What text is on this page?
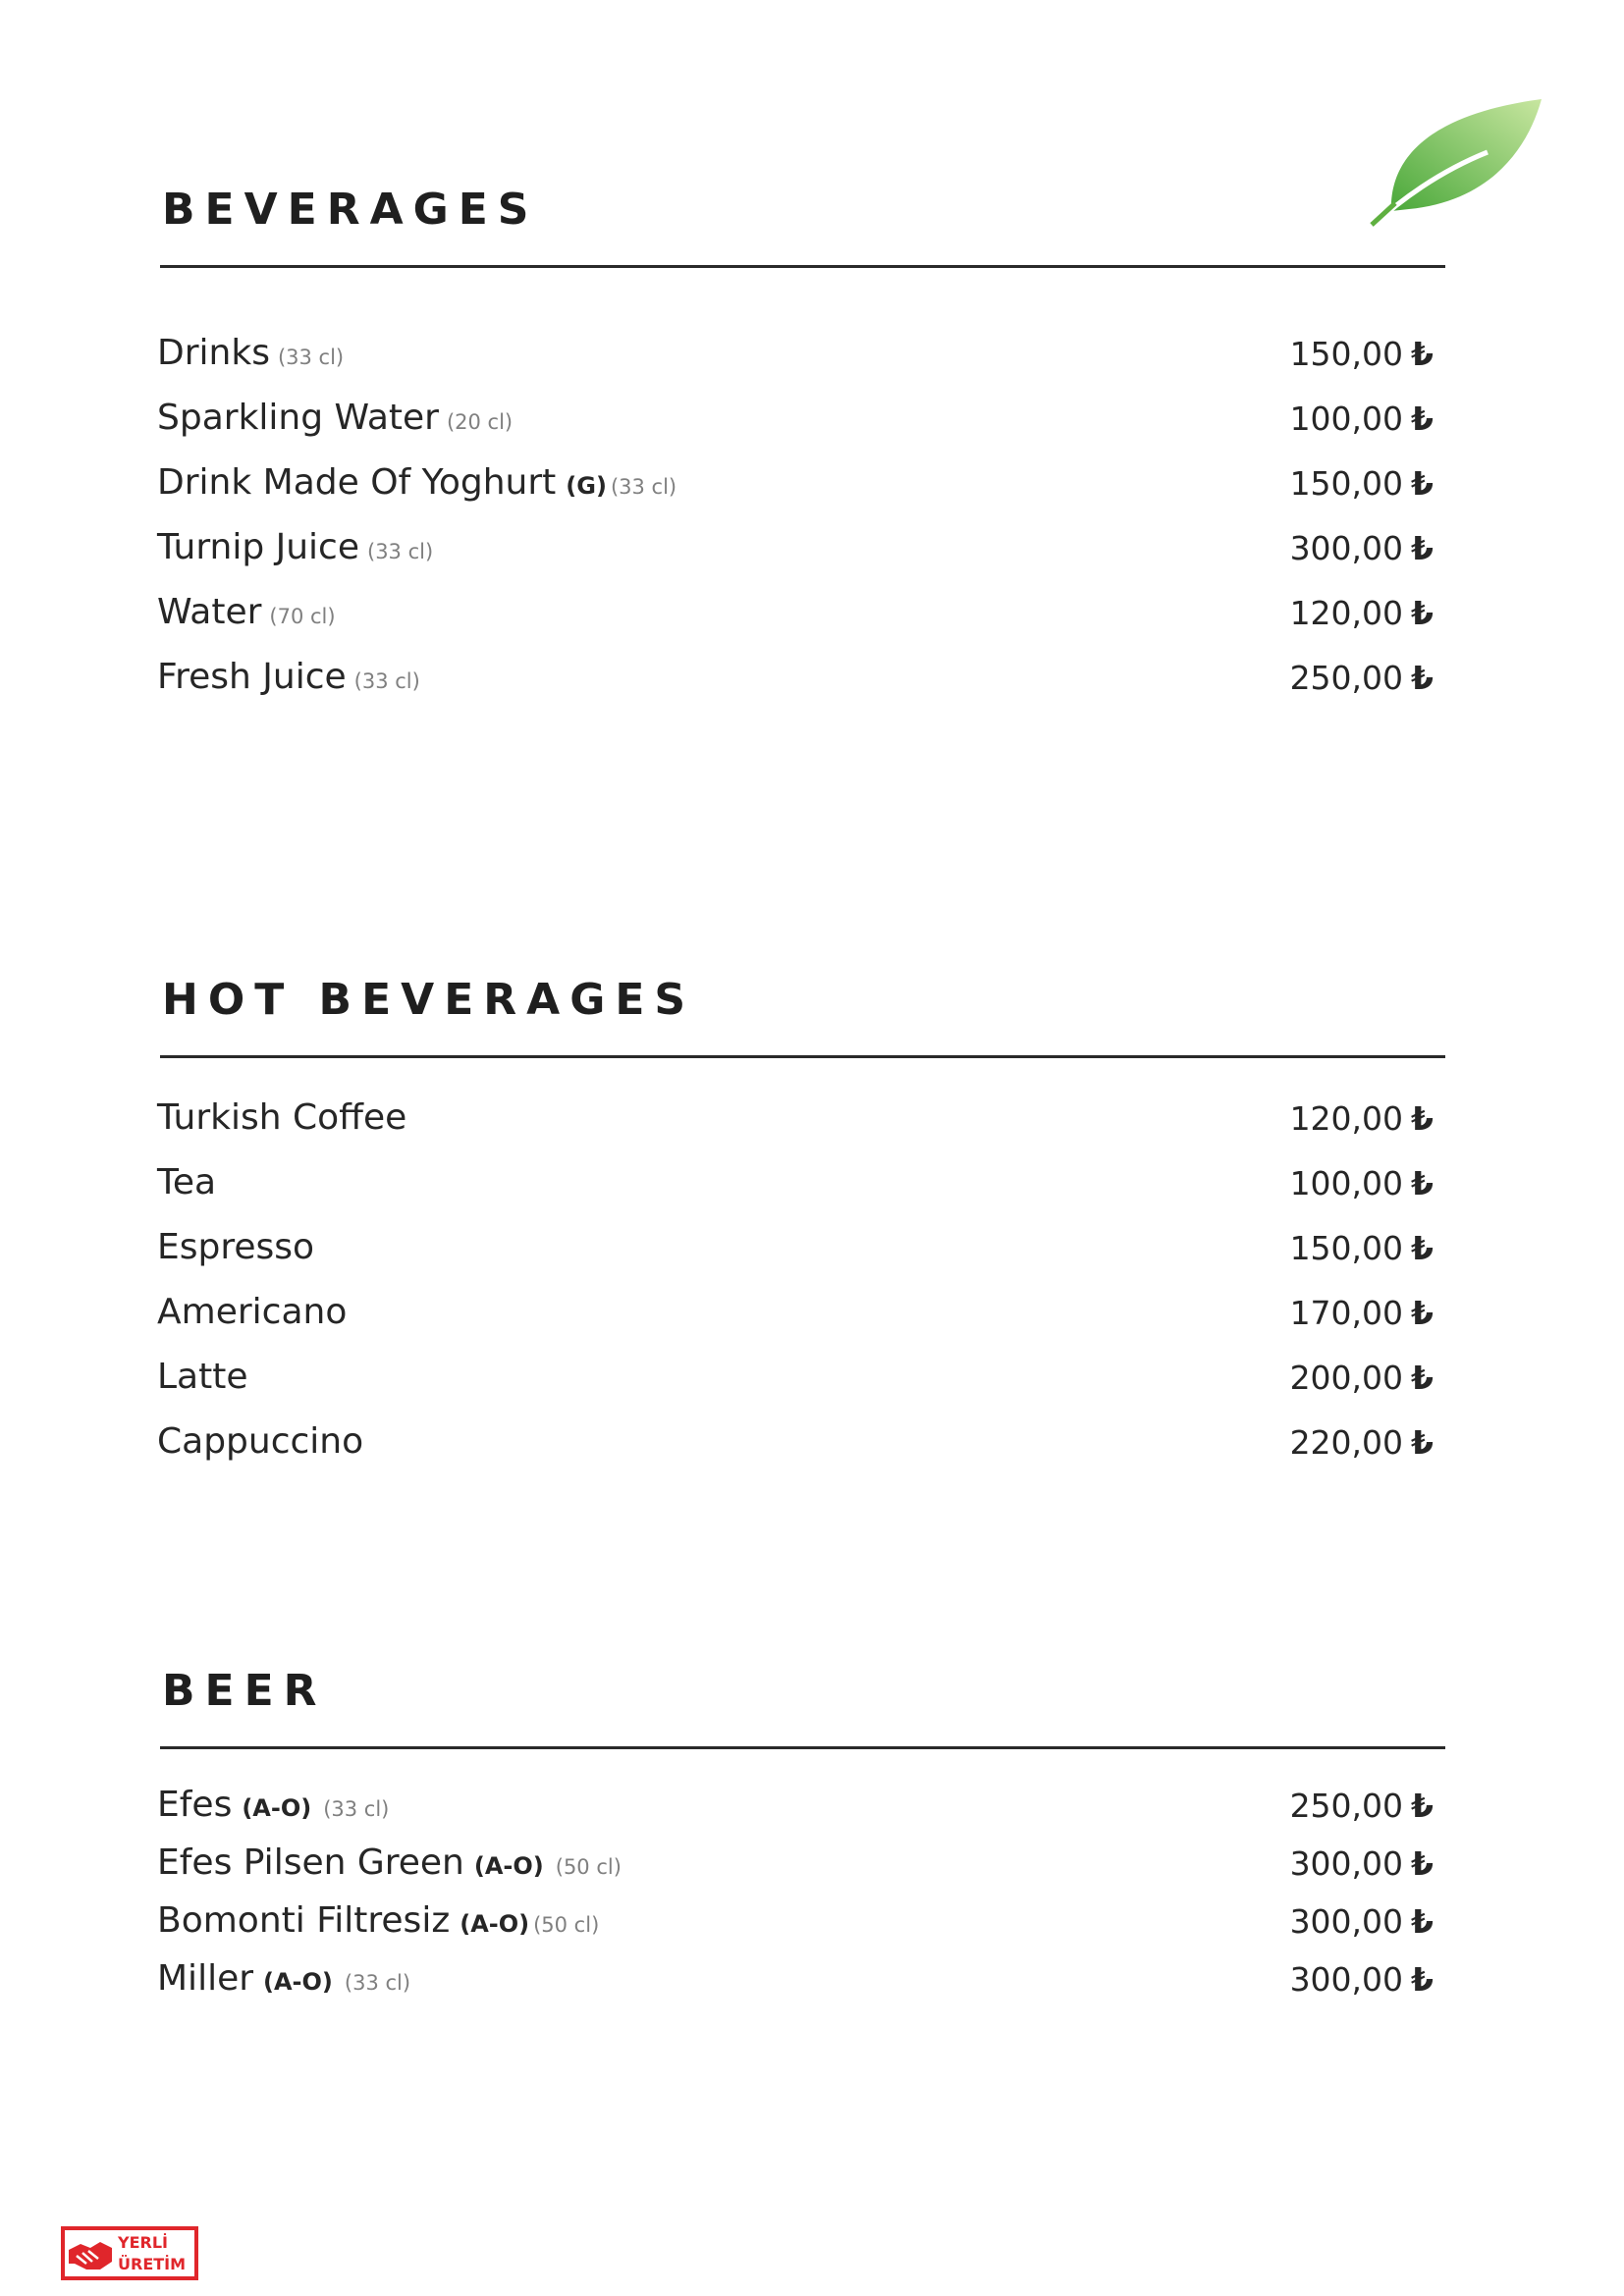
BEVERAGES
Drinks (33 cl)	150,00 ₺
Sparkling Water (20 cl)	100,00 ₺
Drink Made Of Yoghurt (G) (33 cl)	150,00 ₺
Turnip Juice (33 cl)	300,00 ₺
Water (70 cl)	120,00 ₺
Fresh Juice (33 cl)	250,00 ₺
HOT BEVERAGES
Turkish Coffee	120,00 ₺
Tea	100,00 ₺
Espresso	150,00 ₺
Americano	170,00 ₺
Latte	200,00 ₺
Cappuccino	220,00 ₺
BEER
Efes (A-O) (33 cl)	250,00 ₺
Efes Pilsen Green (A-O) (50 cl)	300,00 ₺
Bomonti Filtresiz (A-O) (50 cl)	300,00 ₺
Miller (A-O) (33 cl)	300,00 ₺
YERLİ
ÜRETİM
